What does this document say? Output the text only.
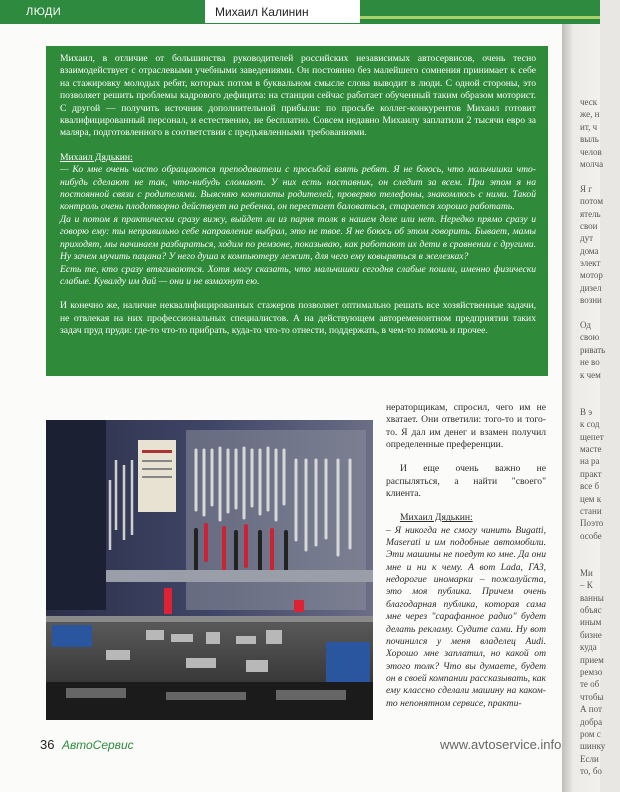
ЛЮДИ	Михаил Калинин

Михаил, в отличие от большинства руководителей российских независимых автосервисов, очень тесно взаимодействует с отраслевыми учебными заведениями. Он постоянно без малейшего сомнения принимает к себе на стажировку молодых ребят, которых потом в буквальном смысле слова выводит в люди. С одной стороны, это позволяет решить проблемы кадрового дефицита: на станции сейчас работает обученный таким образом моторист. С другой — получить источник дополнительной прибыли: по просьбе коллег-конкурентов Михаил готовит квалифицированный персонал, и естественно, не бесплатно. Совсем недавно Михаилу заплатили 2 тысячи евро за маляра, подготовленного в соответствии с предъявленными требованиями.

Михаил Дядькин:

— Ко мне очень часто обращаются преподаватели с просьбой взять ребят. Я не боюсь, что мальчишки что-нибудь сделают не так, что-нибудь сломают. У них есть наставник, он следит за всем. При этом я на постоянной связи с родителями. Выясняю контакты родителей, проверяю телефоны, знакомлюсь с ними. Такой контроль очень плодотворно действует на ребенка, он перестает баловаться, старается хорошо работать.

Да и потом я практически сразу вижу, выйдет ли из парня толк в нашем деле или нет. Нередко прямо сразу и говорю ему: ты неправильно себе направление выбрал, это не твое. Я не боюсь об этом говорить. Бывает, мамы приходят, мы начинаем разбираться, ходим по ремзоне, показываю, как работают их дети в сравнении с другими. Ну зачем мучить пацана? У него душа к компьютеру лежит, для чего ему ковыряться в железках?

Есть те, кто сразу втягиваются. Хотя могу сказать, что мальчишки сегодня слабые пошли, именно физически слабые. Кувалду им дай — они и не взмахнут ею.

И конечно же, наличие неквалифицированных стажеров позволяет оптимально решать все хозяйственные задачи, не отвлекая на них профессиональных специалистов. А на действующем автоременонтном предприятии таких задач пруд пруди: где-то что-то прибрать, куда-то что-то отнести, поддержать, в чем-то помочь и прочее.

нераторщикам, спросил, чего им не хватает. Они ответили: того-то и того-то. Я дал им денег и взамен получил определенные преференции.

И еще очень важно не распыляться, а найти "своего" клиента.

Михаил Дядькин:

– Я никогда не смогу чинить Bugatti, Maserati и им подобные автомобили. Эти машины не поедут ко мне. Да они мне и ни к чему. А вот Lada, ГАЗ, недорогие иномарки – пожалуйста, это моя публика. Причем очень благодарная публика, которая сама мне через "сарафанное радио" будет делать рекламу. Судите сами. Ну вот починился у меня владелец Audi. Хорошо мне заплатил, но какой от этого толк? Что вы думаете, будет он в своей компании рассказывать, как ему классно сделали машину на каком-то непонятном сервисе, практи-

36 АвтоСервис	www.avtoservice.info
ческ
же, н
ит, ч
выль
челов
молча
Я г
потом
ятель
свои
дут
дома
элект
мотор
дизел
возни
Од
свою
ривать
не во
к чем
В э
к сод
щепет
масте
на ра
практ
все б
цем к
стани
Поэто
особе
Ми
– К
ванны
объяс
иным
бизне
куда
прием
ремзо
те об
чтобы
А пот
добра
ром с
шинку
Если
то, бо
